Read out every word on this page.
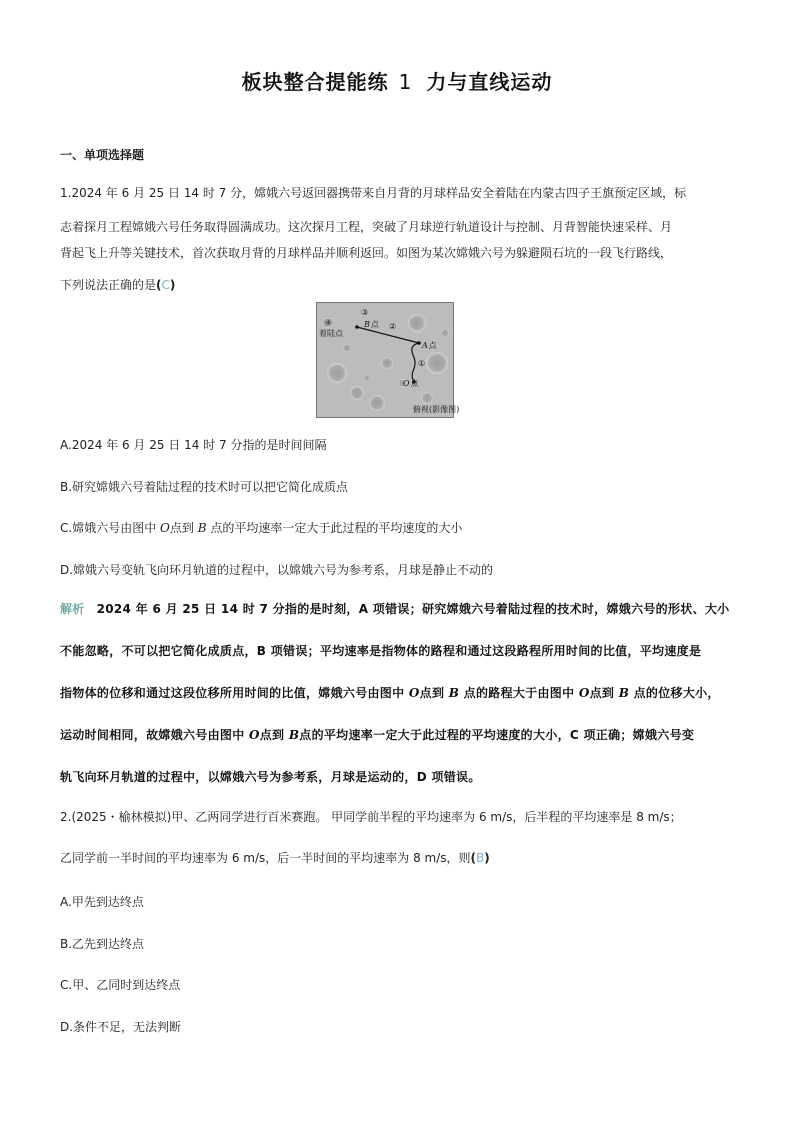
板块整合提能练 1 力与直线运动
一、单项选择题
1.2024 年 6 月 25 日 14 时 7 分，嫦娥六号返回器携带来自月背的月球样品安全着陆在内蒙古四子王旗预定区域，标
志着探月工程嫦娥六号任务取得圆满成功。这次探月工程，突破了月球逆行轨道设计与控制、月背智能快速采样、月
背起飞上升等关键技术，首次获取月背的月球样品并顺利返回。如图为某次嫦娥六号为躲避陨石坑的一段飞行路线，
下列说法正确的是(C)
④
着陆点
③
B点 ②
A点
①
O点
俯视(影像图)
A.2024 年 6 月 25 日 14 时 7 分指的是时间间隔
B.研究嫦娥六号着陆过程的技术时可以把它简化成质点
C.嫦娥六号由图中 O点到 B 点的平均速率一定大于此过程的平均速度的大小
D.嫦娥六号变轨飞向环月轨道的过程中，以嫦娥六号为参考系，月球是静止不动的
解析 2024 年 6 月 25 日 14 时 7 分指的是时刻，A 项错误；研究嫦娥六号着陆过程的技术时，嫦娥六号的形状、大小
不能忽略，不可以把它简化成质点，B 项错误；平均速率是指物体的路程和通过这段路程所用时间的比值，平均速度是
指物体的位移和通过这段位移所用时间的比值，嫦娥六号由图中 O点到 B 点的路程大于由图中 O点到 B 点的位移大小，
运动时间相同，故嫦娥六号由图中 O点到 B点的平均速率一定大于此过程的平均速度的大小，C 项正确；嫦娥六号变
轨飞向环月轨道的过程中，以嫦娥六号为参考系，月球是运动的，D 项错误。
2.(2025・榆林模拟)甲、乙两同学进行百米赛跑。 甲同学前半程的平均速率为 6 m/s，后半程的平均速率是 8 m/s；
乙同学前一半时间的平均速率为 6 m/s，后一半时间的平均速率为 8 m/s，则(B)
A.甲先到达终点
B.乙先到达终点
C.甲、乙同时到达终点
D.条件不足，无法判断
